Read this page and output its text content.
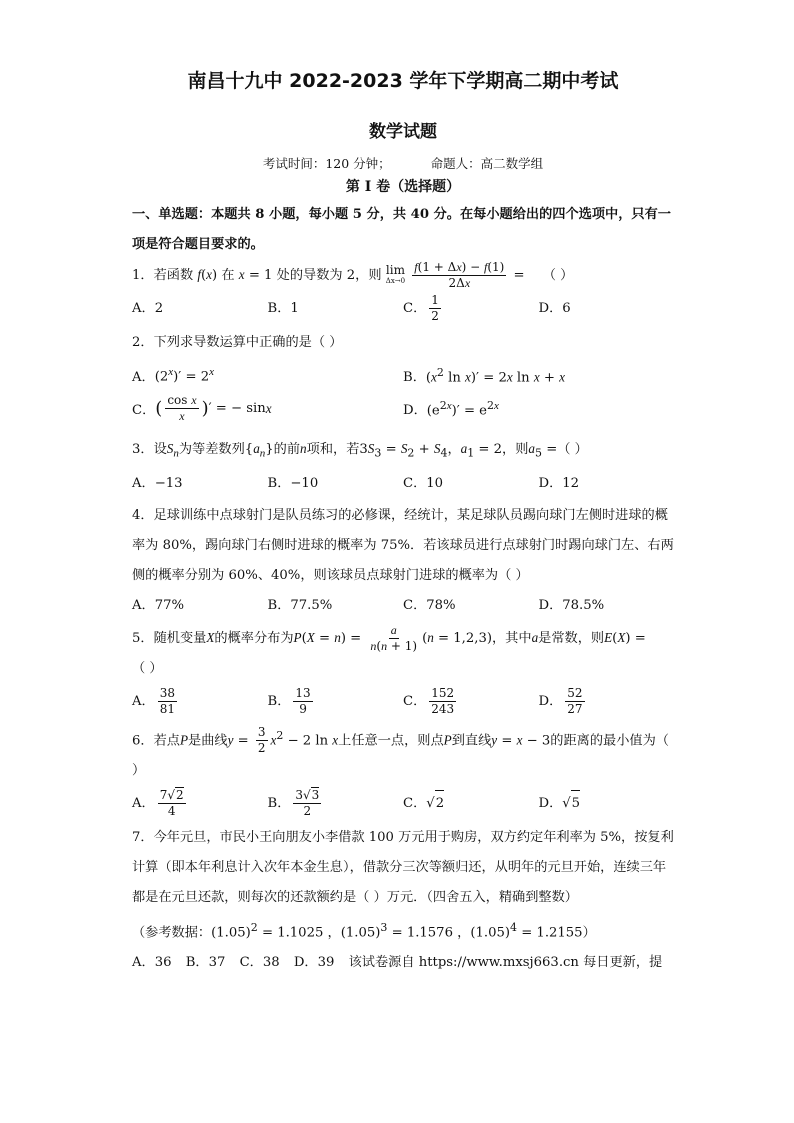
南昌十九中 2022-2023 学年下学期高二期中考试
数学试题
考试时间：120 分钟；	命题人：高二数学组
第 I 卷（选择题）
一、单选题：本题共 8 小题，每小题 5 分，共 40 分。在每小题给出的四个选项中，只有一项是符合题目要求的。
1．若函数 f(x) 在 x = 1 处的导数为 2，则 lim
Δx→0
$\frac{f(1 + \Delta x) - f(1)}{2\Delta x}$ = （ ）
A．2	B．1	C． $\frac{1}{2}$	D．6
2．下列求导数运算中正确的是（ ）
A． $(2^x)' = 2^x$	B． ($x^2$ ln x)′ = 2x ln x + x
C． ( $\frac{\text{cos x}}{x}$ ) ′ = − sin x	D． $(e^{2x})' = e^{2x}$
3．设$S_n$为等差数列$\{a_n\}$的前n项和，若$3S_3 = S_2 + S_4$，$a_1 = 2$，则$a_5$ =（ ）
A．−13	B．−10	C．10	D．12
4．足球训练中点球射门是队员练习的必修课，经统计，某足球队员踢向球门左侧时进球的概率为 80%，踢向球门右侧时进球的概率为 75%．若该球员进行点球射门时踢向球门左、右两侧的概率分别为 60%、40%，则该球员点球射门进球的概率为（ ）
A．77%	B．77.5%	C．78%	D．78.5%
5．随机变量X的概率分布为$P(X = n) = \frac{a}{n(n + 1)} (n = 1,2,3)$，其中a是常数，则E(X) =
（ ）
A． $\frac{38}{81}$	B． $\frac{13}{9}$	C． $\frac{152}{243}$	D． $\frac{52}{27}$
6．若点P是曲线$y = \frac{3}{2} x^2 - 2$ ln x上任意一点，则点P到直线y = x − 3的距离的最小值为（ ）
A． $\frac{7√2}{4}$	B． $\frac{3√3}{2}$	C． √ 2	D． √ 5
7．今年元旦，市民小王向朋友小李借款 100 万元用于购房，双方约定年利率为 5%，按复利计算（即本年利息计入次年本金生息），借款分三次等额归还，从明年的元旦开始，连续三年都是在元旦还款，则每次的还款额约是（ ）万元．（四舍五入，精确到整数）
（参考数据：$(1.05)^2 = 1.1025$ ，$(1.05)^3 = 1.1576$ ，$(1.05)^4 = 1.2155$）
A．36 B．37 C．38 D．39 该试卷源自 https://www.mxsj663.cn 每日更新，提
